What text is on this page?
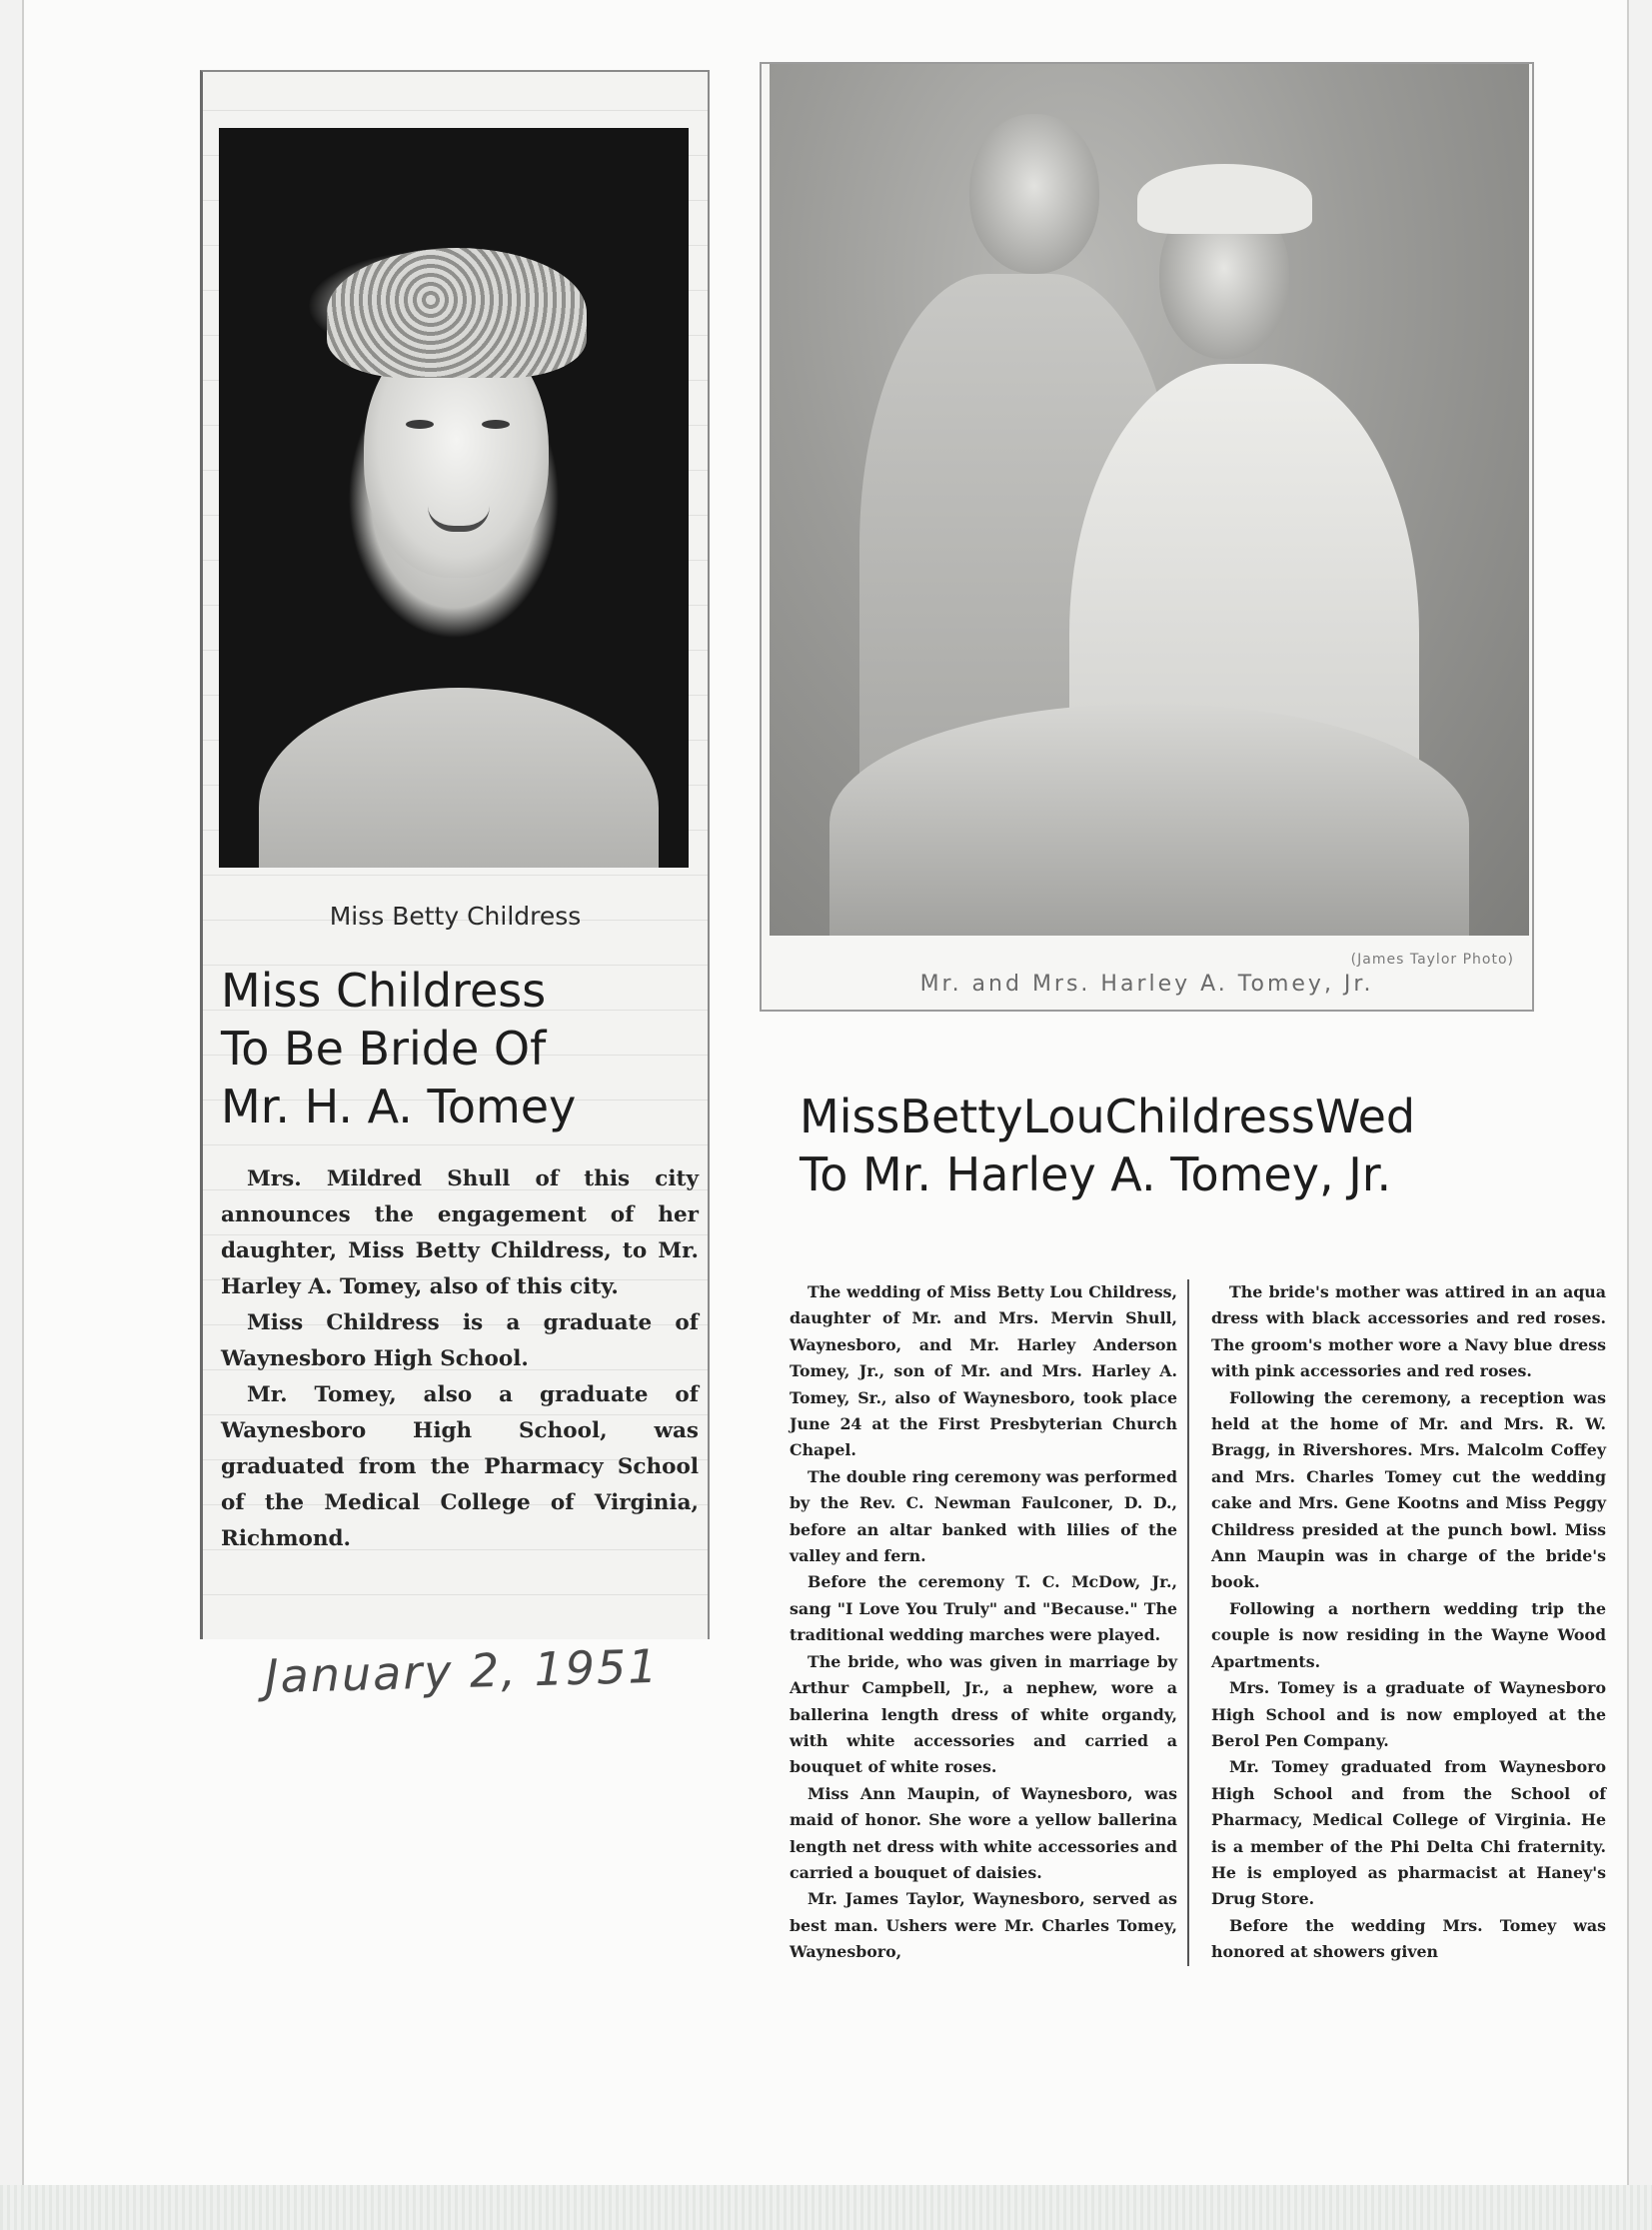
Miss Betty Childress
Miss Childress
To Be Bride Of
Mr. H. A. Tomey

Mrs. Mildred Shull of this city announces the engagement of her daughter, Miss Betty Childress, to Mr. Harley A. Tomey, also of this city.

Miss Childress is a graduate of Waynesboro High School.

Mr. Tomey, also a graduate of Waynesboro High School, was graduated from the Pharmacy School of the Medical College of Virginia, Richmond.

January 2, 1951
(James Taylor Photo)
Mr. and Mrs. Harley A. Tomey, Jr.
MissBettyLouChildressWed
To Mr. Harley A. Tomey, Jr.

The wedding of Miss Betty Lou Childress, daughter of Mr. and Mrs. Mervin Shull, Waynesboro, and Mr. Harley Anderson Tomey, Jr., son of Mr. and Mrs. Harley A. Tomey, Sr., also of Waynesboro, took place June 24 at the First Presbyterian Church Chapel.

The double ring ceremony was performed by the Rev. C. Newman Faulconer, D. D., before an altar banked with lilies of the valley and fern.

Before the ceremony T. C. McDow, Jr., sang "I Love You Truly" and "Because." The traditional wedding marches were played.

The bride, who was given in marriage by Arthur Campbell, Jr., a nephew, wore a ballerina length dress of white organdy, with white accessories and carried a bouquet of white roses.

Miss Ann Maupin, of Waynesboro, was maid of honor. She wore a yellow ballerina length net dress with white accessories and carried a bouquet of daisies.

Mr. James Taylor, Waynesboro, served as best man. Ushers were Mr. Charles Tomey, Waynesboro,

The bride's mother was attired in an aqua dress with black accessories and red roses. The groom's mother wore a Navy blue dress with pink accessories and red roses.

Following the ceremony, a reception was held at the home of Mr. and Mrs. R. W. Bragg, in Rivershores. Mrs. Malcolm Coffey and Mrs. Charles Tomey cut the wedding cake and Mrs. Gene Kootns and Miss Peggy Childress presided at the punch bowl. Miss Ann Maupin was in charge of the bride's book.

Following a northern wedding trip the couple is now residing in the Wayne Wood Apartments.

Mrs. Tomey is a graduate of Waynesboro High School and is now employed at the Berol Pen Company.

Mr. Tomey graduated from Waynesboro High School and from the School of Pharmacy, Medical College of Virginia. He is a member of the Phi Delta Chi fraternity. He is employed as pharmacist at Haney's Drug Store.

Before the wedding Mrs. Tomey was honored at showers given
